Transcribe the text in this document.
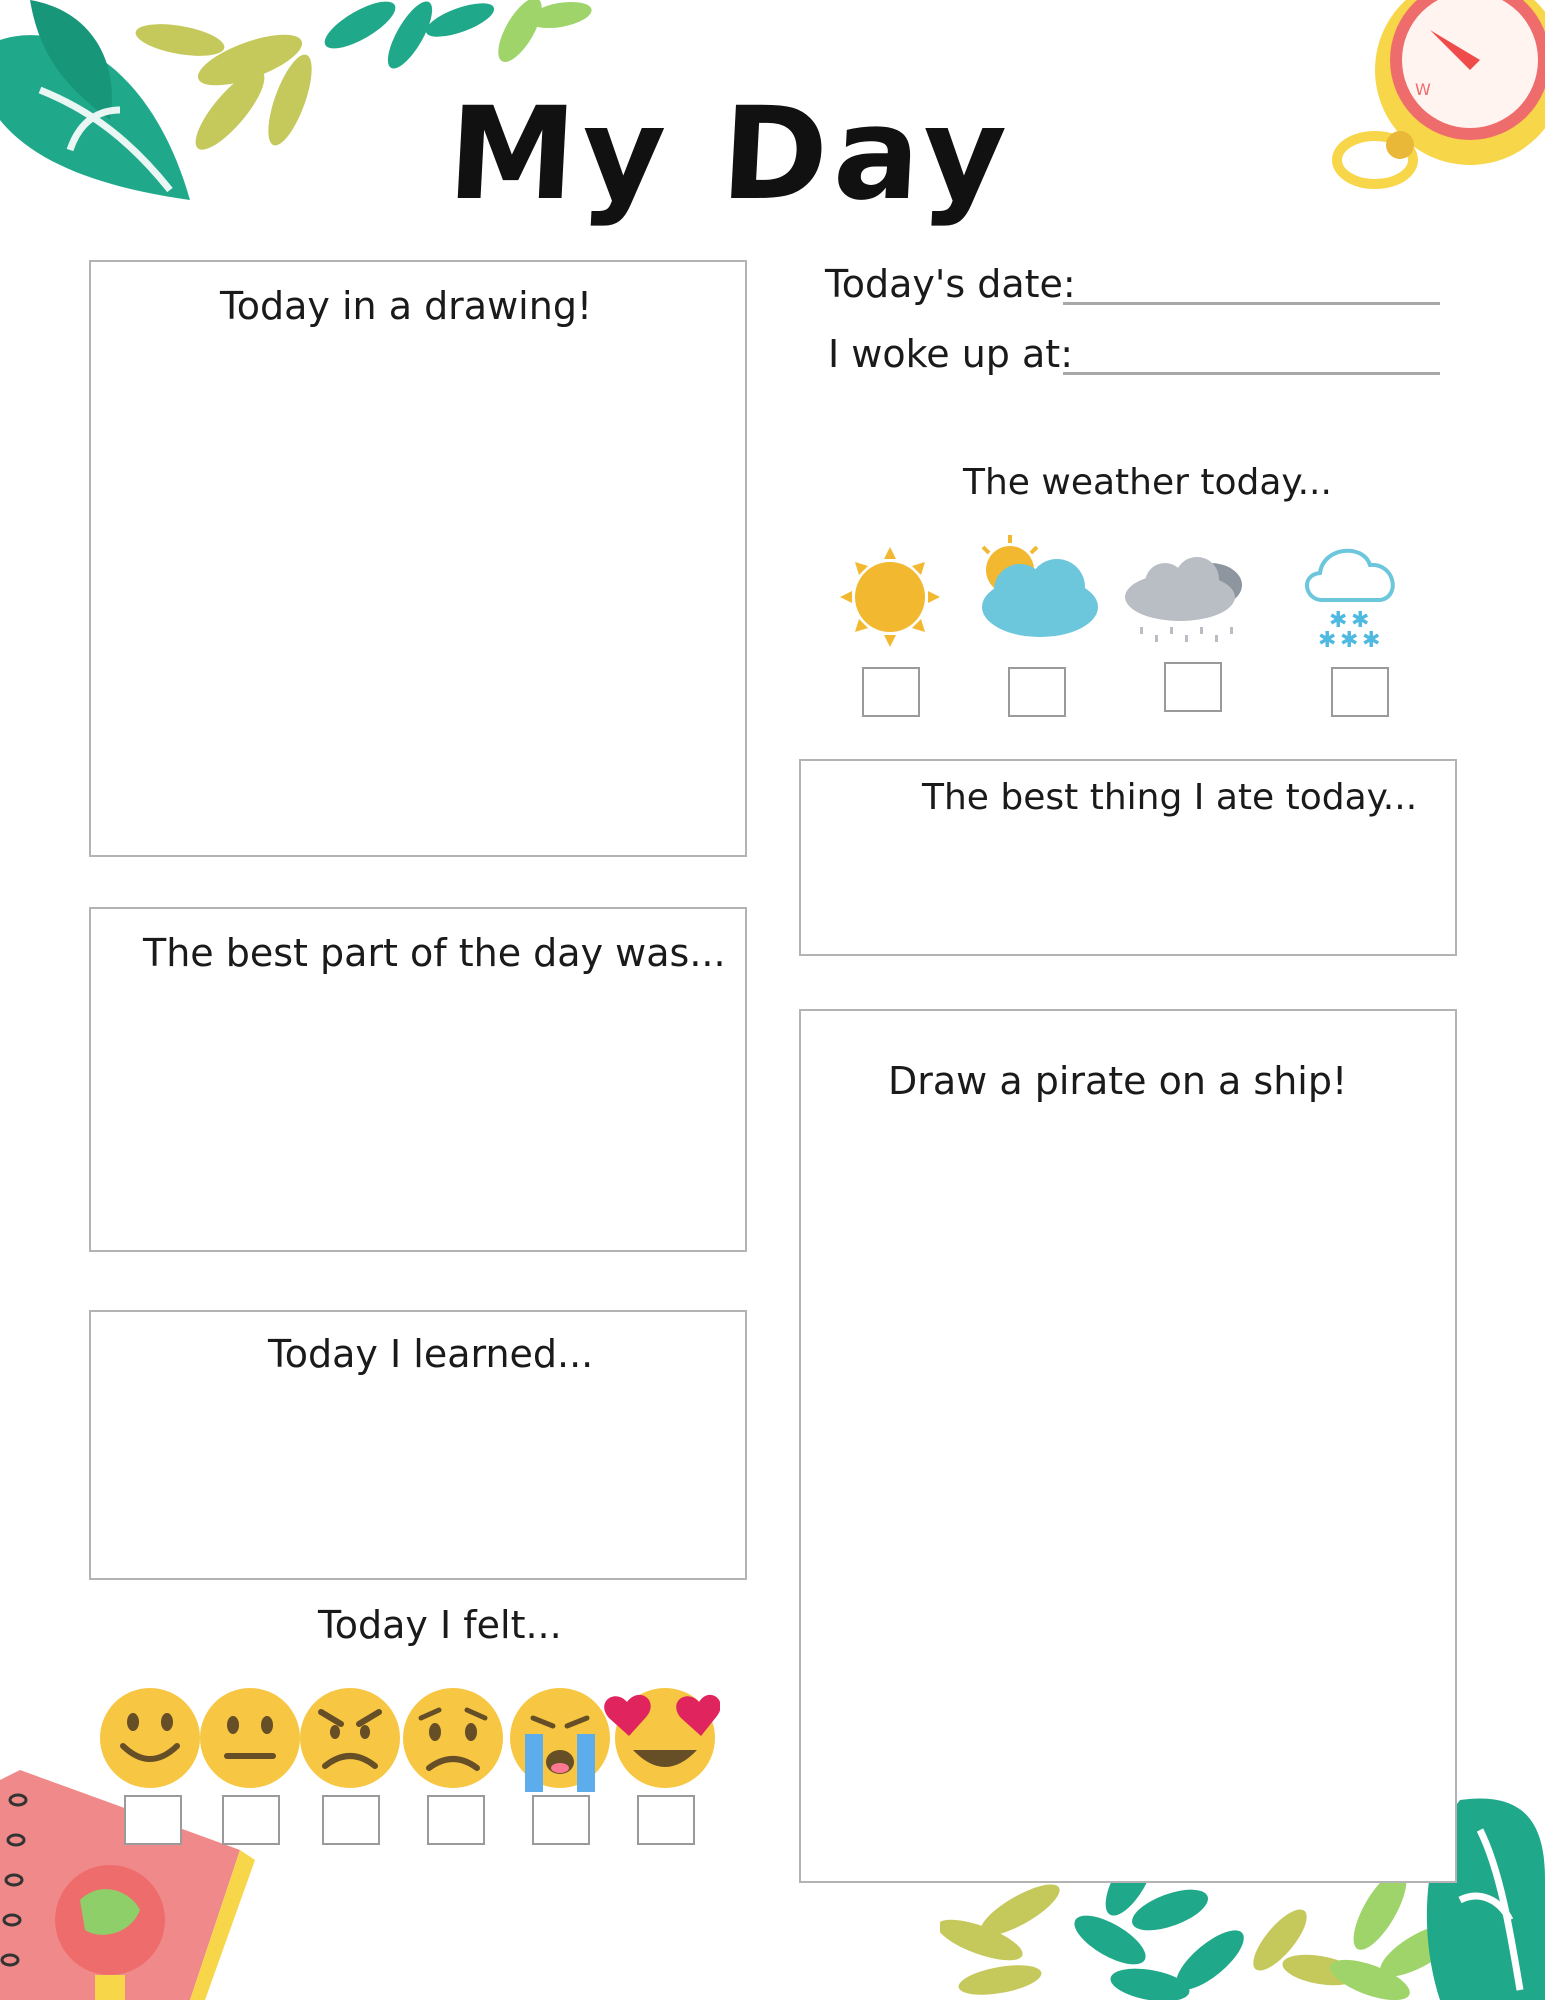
W
My Day
Today in a drawing!
The best part of the day was...
Today I learned...
Today I felt...
Today's date:
I woke up at:
The weather today...
✱ ✱
✱ ✱
✱
The best thing I ate today...
Draw a pirate on a ship!
